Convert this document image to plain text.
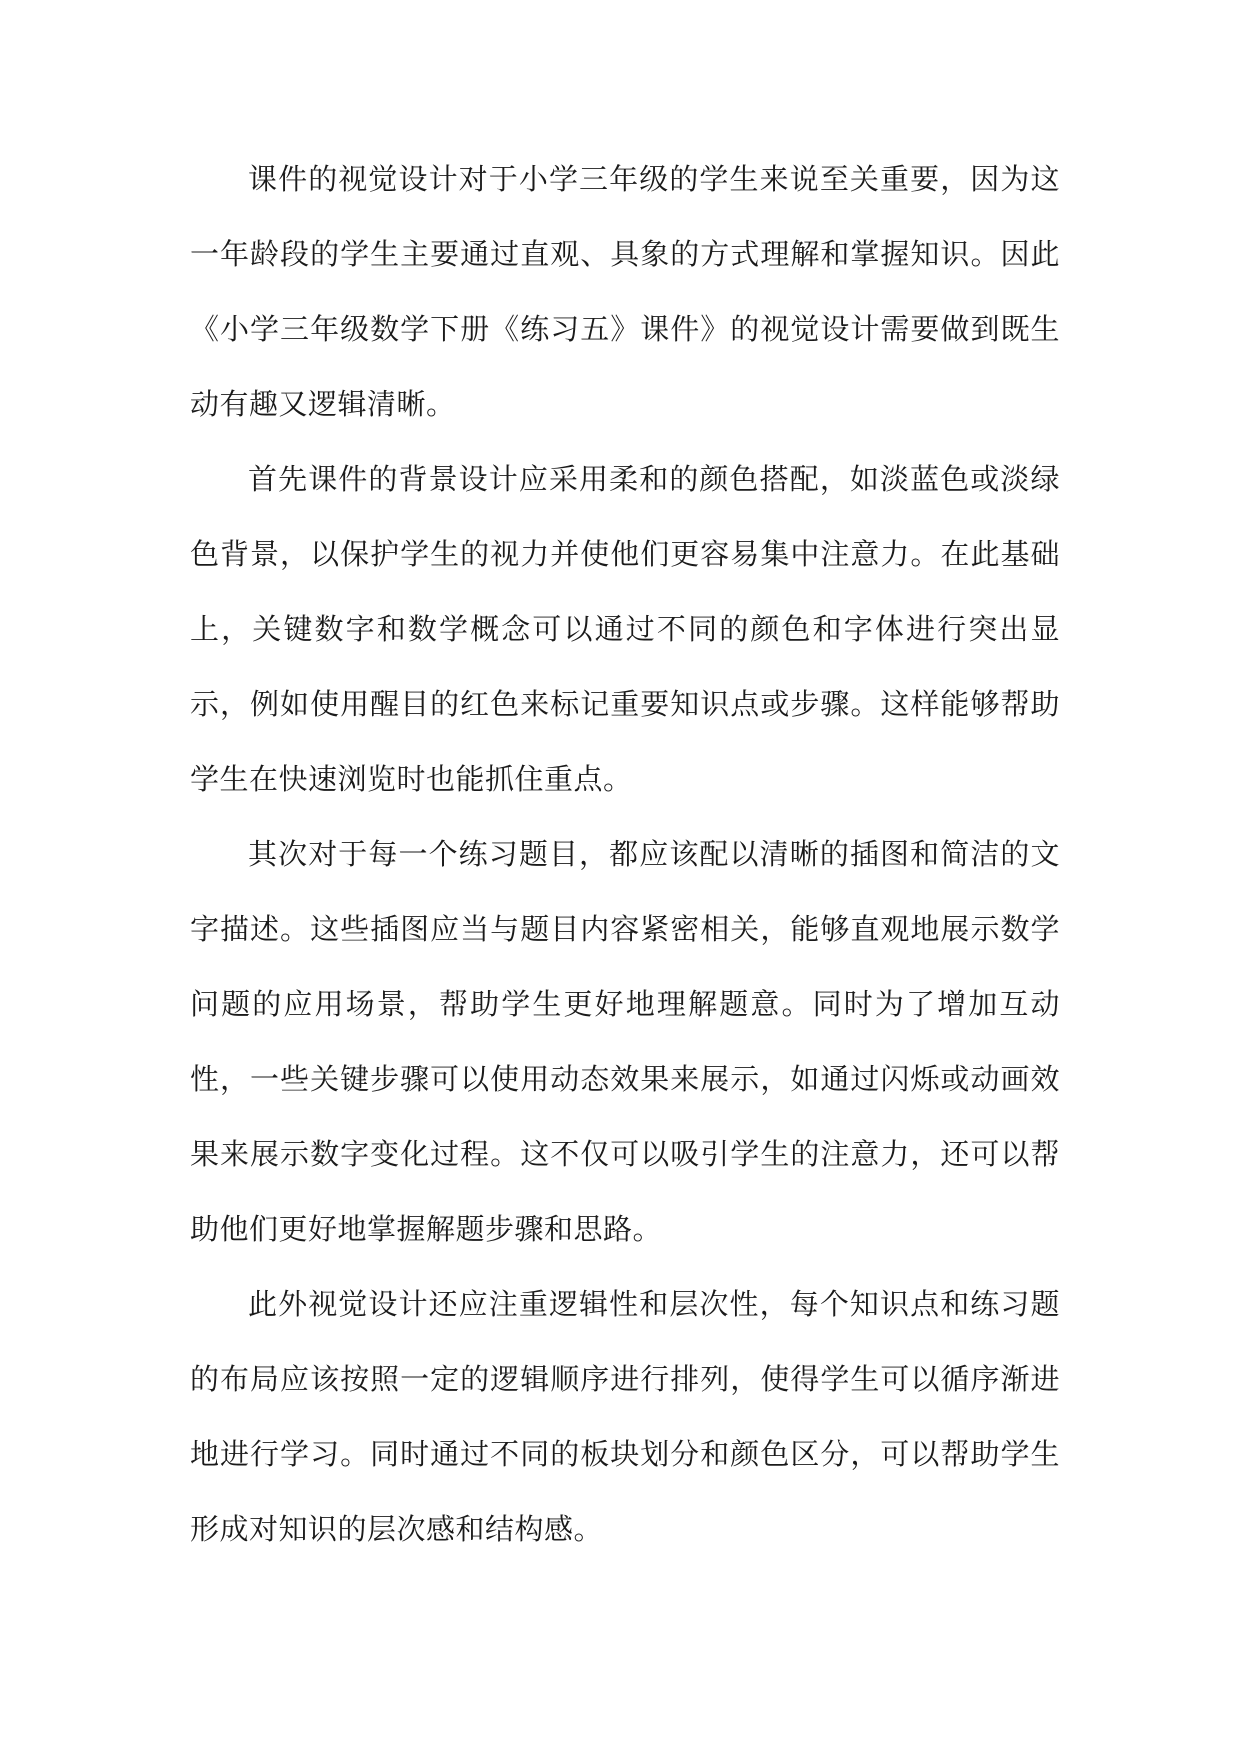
课件的视觉设计对于小学三年级的学生来说至关重要，因为这一年龄段的学生主要通过直观、具象的方式理解和掌握知识。因此《小学三年级数学下册《练习五》课件》的视觉设计需要做到既生动有趣又逻辑清晰。

首先课件的背景设计应采用柔和的颜色搭配，如淡蓝色或淡绿色背景，以保护学生的视力并使他们更容易集中注意力。在此基础上，关键数字和数学概念可以通过不同的颜色和字体进行突出显示，例如使用醒目的红色来标记重要知识点或步骤。这样能够帮助学生在快速浏览时也能抓住重点。

其次对于每一个练习题目，都应该配以清晰的插图和简洁的文字描述。这些插图应当与题目内容紧密相关，能够直观地展示数学问题的应用场景，帮助学生更好地理解题意。同时为了增加互动性，一些关键步骤可以使用动态效果来展示，如通过闪烁或动画效果来展示数字变化过程。这不仅可以吸引学生的注意力，还可以帮助他们更好地掌握解题步骤和思路。

此外视觉设计还应注重逻辑性和层次性，每个知识点和练习题的布局应该按照一定的逻辑顺序进行排列，使得学生可以循序渐进地进行学习。同时通过不同的板块划分和颜色区分，可以帮助学生形成对知识的层次感和结构感。
